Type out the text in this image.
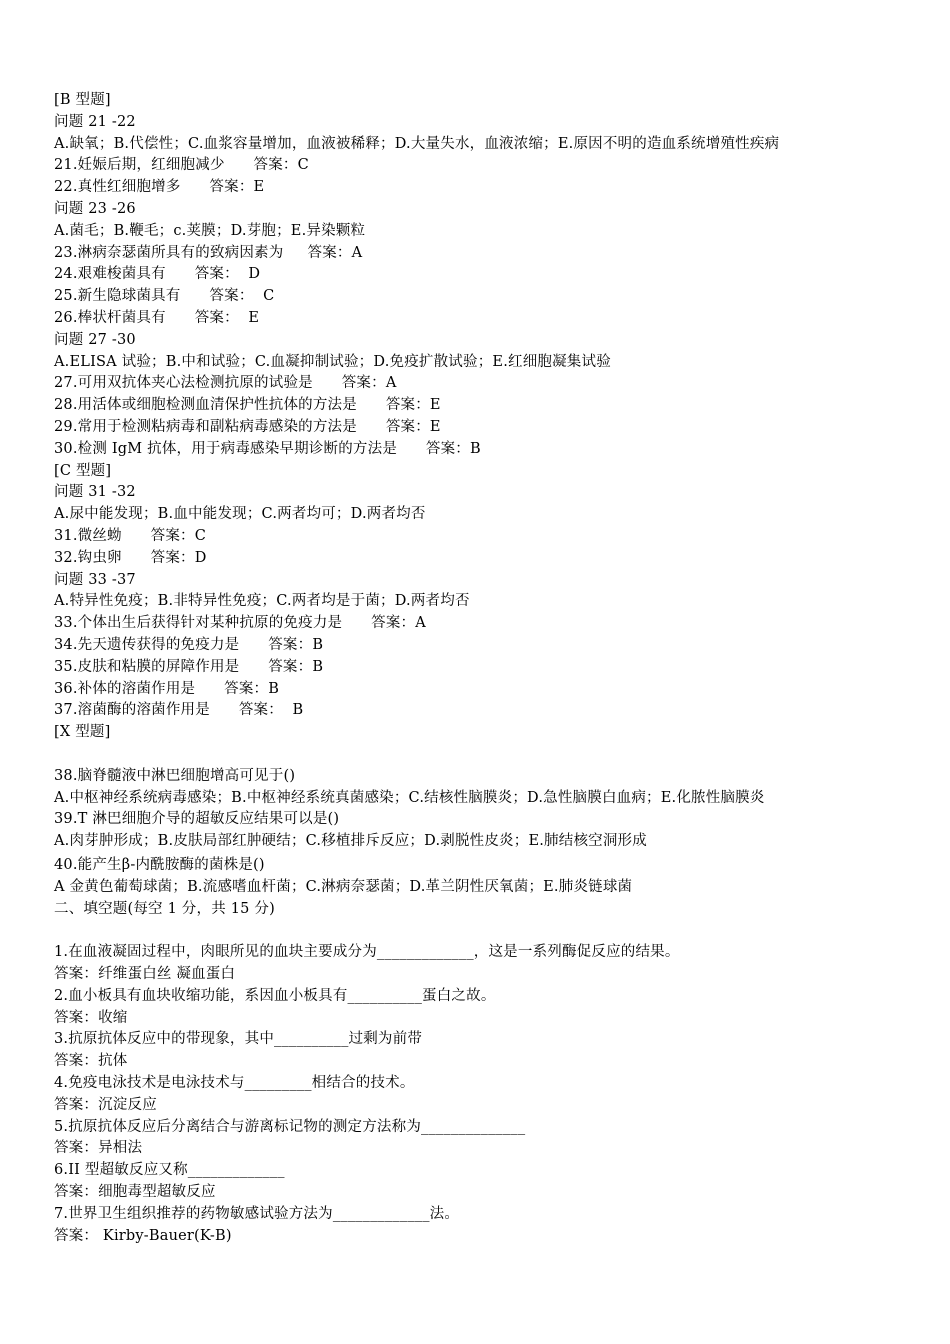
[B 型题]
问题 21 -22
A.缺氧；B.代偿性；C.血浆容量增加，血液被稀释；D.大量失水，血液浓缩；E.原因不明的造血系统增殖性疾病
21.妊娠后期，红细胞减少      答案：C
22.真性红细胞增多      答案：E
问题 23 -26
A.菌毛；B.鞭毛；c.荚膜；D.芽胞；E.异染颗粒
23.淋病奈瑟菌所具有的致病因素为     答案：A
24.艰难梭菌具有      答案：  D
25.新生隐球菌具有      答案：  C
26.棒状杆菌具有      答案：  E
问题 27 -30
A.ELISA 试验；B.中和试验；C.血凝抑制试验；D.免疫扩散试验；E.红细胞凝集试验
27.可用双抗体夹心法检测抗原的试验是      答案：A
28.用活体或细胞检测血清保护性抗体的方法是      答案：E
29.常用于检测粘病毒和副粘病毒感染的方法是      答案：E
30.检测 IgM 抗体，用于病毒感染早期诊断的方法是      答案：B
[C 型题]
问题 31 -32
A.尿中能发现；B.血中能发现；C.两者均可；D.两者均否
31.微丝蚴      答案：C
32.钩虫卵      答案：D
问题 33 -37
A.特异性免疫；B.非特异性免疫；C.两者均是于菌；D.两者均否
33.个体出生后获得针对某种抗原的免疫力是      答案：A
34.先天遗传获得的免疫力是      答案：B
35.皮肤和粘膜的屏障作用是      答案：B
36.补体的溶菌作用是      答案：B
37.溶菌酶的溶菌作用是      答案：  B
[X 型题]
38.脑脊髓液中淋巴细胞增高可见于()
A.中枢神经系统病毒感染；B.中枢神经系统真菌感染；C.结核性脑膜炎；D.急性脑膜白血病；E.化脓性脑膜炎
39.T 淋巴细胞介导的超敏反应结果可以是()
A.肉芽肿形成；B.皮肤局部红肿硬结；C.移植排斥反应；D.剥脱性皮炎；E.肺结核空洞形成
40.能产生β-内酰胺酶的菌株是()
A 金黄色葡萄球菌；B.流感嗜血杆菌；C.淋病奈瑟菌；D.革兰阴性厌氧菌；E.肺炎链球菌
二、填空题(每空 1 分，共 15 分)
1.在血液凝固过程中，肉眼所见的血块主要成分为_____________，这是一系列酶促反应的结果。
答案：纤维蛋白丝 凝血蛋白
2.血小板具有血块收缩功能，系因血小板具有__________蛋白之故。
答案：收缩
3.抗原抗体反应中的带现象，其中__________过剩为前带
答案：抗体
4.免疫电泳技术是电泳技术与_________相结合的技术。
答案：沉淀反应
5.抗原抗体反应后分离结合与游离标记物的测定方法称为______________
答案：异相法
6.II 型超敏反应又称_____________
答案：细胞毒型超敏反应
7.世界卫生组织推荐的药物敏感试验方法为_____________法。
答案： Kirby-Bauer(K-B)
